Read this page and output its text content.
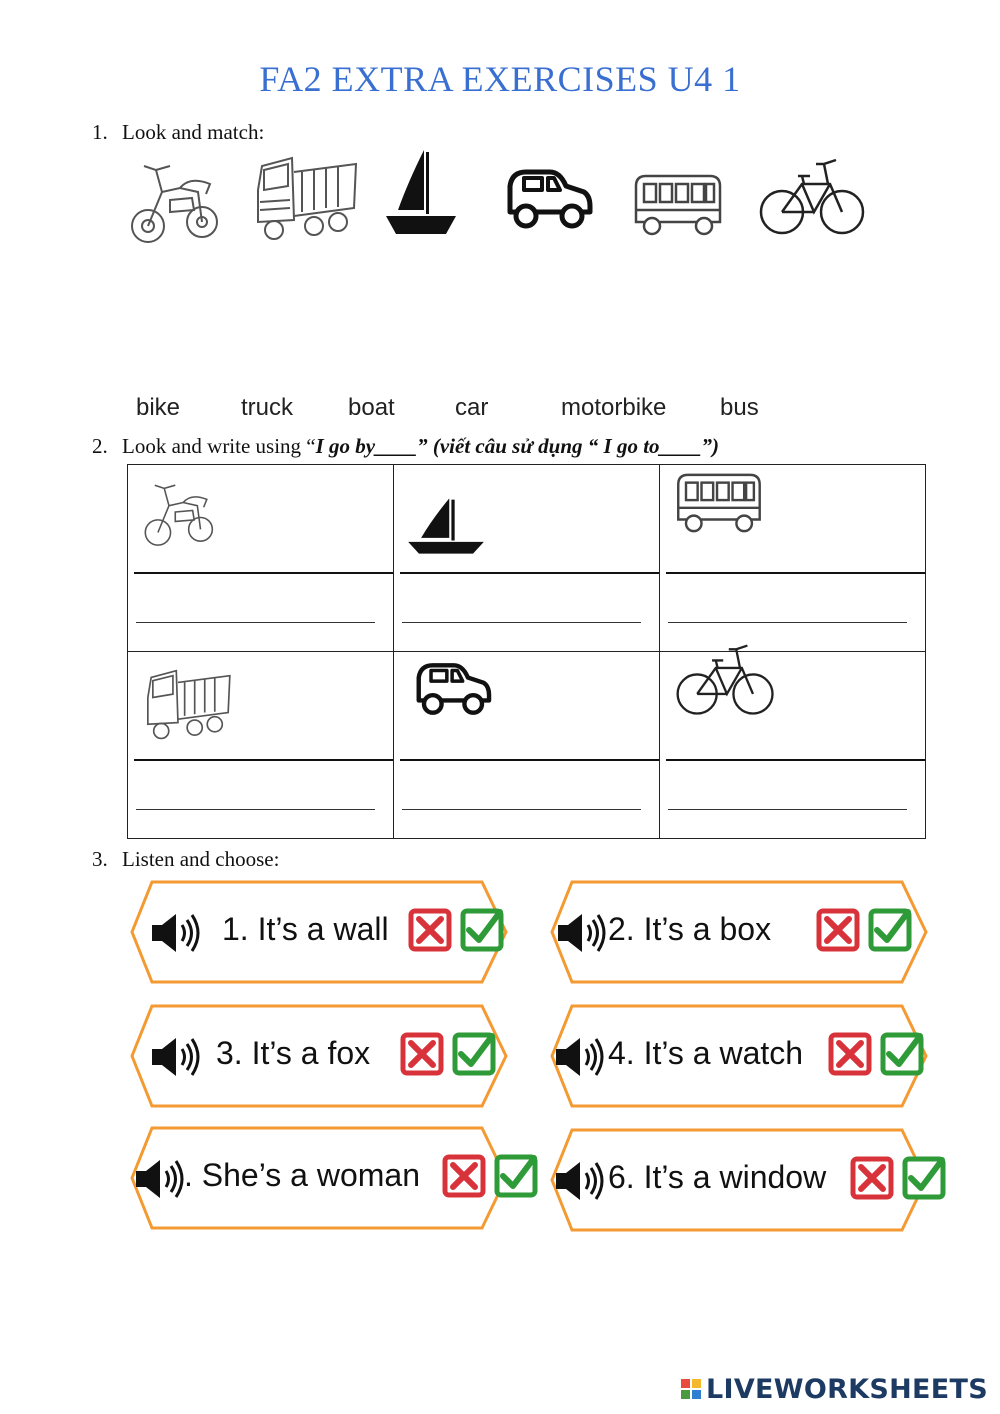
FA2 EXTRA EXERCISES U4 1
1. Look and match:
bike	truck boat	car	motorbike bus
2. Look and write using “I go by____” (viết câu sử dụng “ I go to____”)

3. Listen and choose:
1. It’s a wall	2. It’s a box
3. It’s a fox	4. It’s a watch
. She’s a woman	6. It’s a window
LIVEWORKSHEETS
